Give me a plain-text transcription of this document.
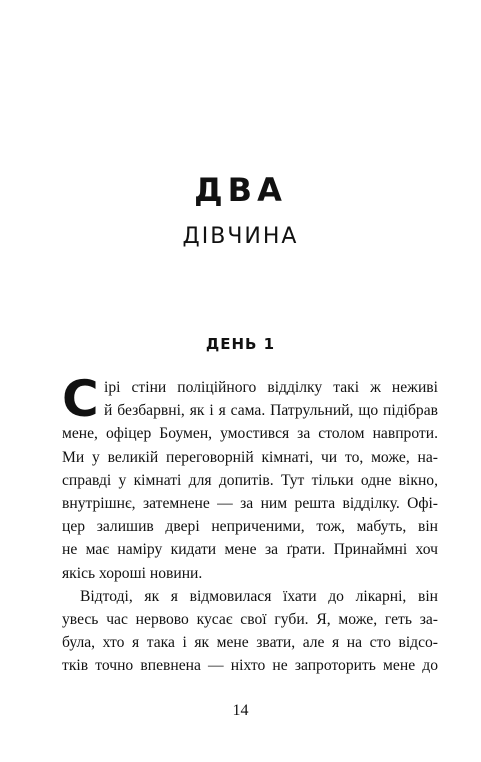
ДВА
ДІВЧИНА
ДЕНЬ 1
С ірі стіни поліційного відділку такі ж неживі
й безбарвні, як і я сама. Патрульний, що підібрав
мене, офіцер Боумен, умостився за столом навпроти.
Ми у великій переговорній кімнаті, чи то, може, на-
справді у кімнаті для допитів. Тут тільки одне вікно,
внутрішнє, затемнене — за ним решта відділку. Офі-
цер залишив двері неприченими, тож, мабуть, він
не має наміру кидати мене за ґрати. Принаймні хоч
якісь хороші новини.
Відтоді, як я відмовилася їхати до лікарні, він
увесь час нервово кусає свої губи. Я, може, геть за-
була, хто я така і як мене звати, але я на сто відсо-
тків точно впевнена — ніхто не запроторить мене до
14
